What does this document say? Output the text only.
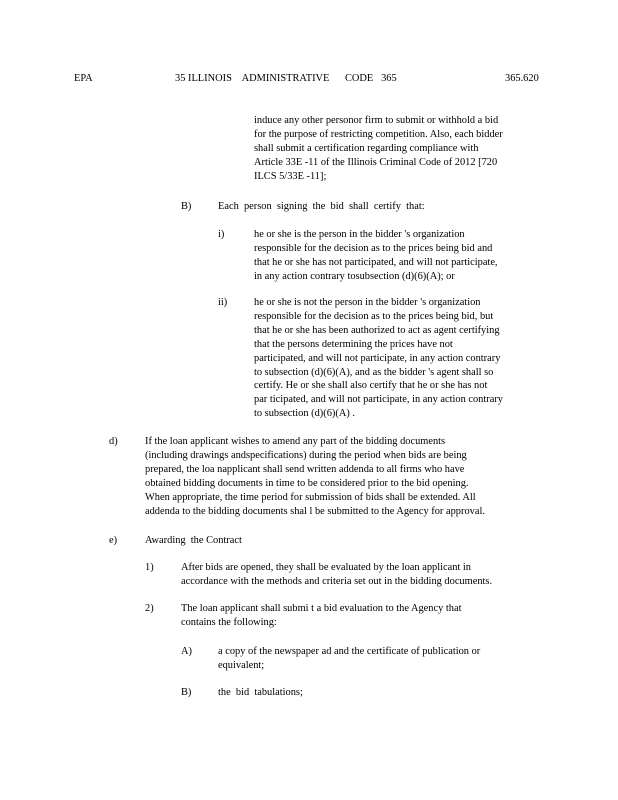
EPA	35 ILLINOIS    ADMINISTRATIVE      CODE   365	365.620

induce any other personor firm to submit or withhold a bid

for the purpose of restricting competition. Also, each bidder

shall submit a certification regarding compliance with

Article 33E -11 of the Illinois Criminal Code of 2012 [720

ILCS 5/33E -11];

B)	Each  person  signing  the  bid  shall  certify  that:
i)	he or she is the person in the bidder 's organization

responsible for the decision as to the prices being bid and

that he or she has not participated, and will not participate,

in any action contrary tosubsection (d)(6)(A); or

ii)	he or she is not the person in the bidder 's organization

responsible for the decision as to the prices being bid, but

that he or she has been authorized to act as agent certifying

that the persons determining the prices have not

participated, and will not participate, in any action contrary

to subsection (d)(6)(A), and as the bidder 's agent shall so

certify. He or she shall also certify that he or she has not

par ticipated, and will not participate, in any action contrary

to subsection (d)(6)(A) .

d)	If the loan applicant wishes to amend any part of the bidding documents

(including drawings andspecifications) during the period when bids are being

prepared, the loa napplicant shall send written addenda to all firms who have

obtained bidding documents in time to be considered prior to the bid opening.

When appropriate, the time period for submission of bids shall be extended. All

addenda to the bidding documents shal l be submitted to the Agency for approval.

e)	Awarding  the Contract
1)	After bids are opened, they shall be evaluated by the loan applicant in

accordance with the methods and criteria set out in the bidding documents.

2)	The loan applicant shall submi t a bid evaluation to the Agency that

contains the following:

A)	a copy of the newspaper ad and the certificate of publication or

equivalent;

B)	the  bid  tabulations;
